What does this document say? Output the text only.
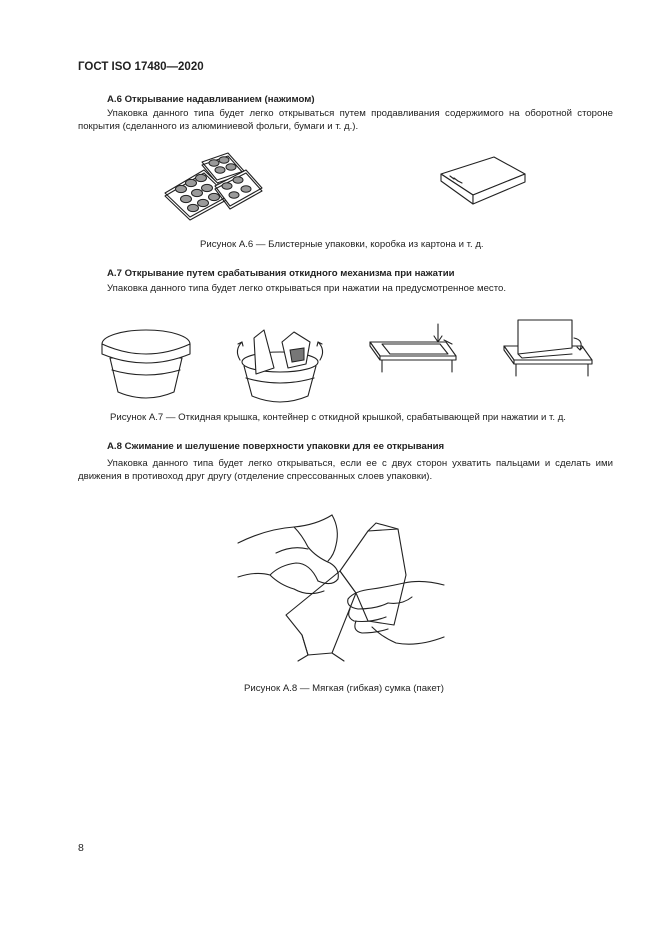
ГОСТ ISO 17480—2020
А.6 Открывание надавливанием (нажимом)
Упаковка данного типа будет легко открываться путем продавливания содержимого на оборотной стороне покрытия (сделанного из алюминиевой фольги, бумаги и т. д.).
Рисунок А.6 — Блистерные упаковки, коробка из картона и т. д.
А.7 Открывание путем срабатывания откидного механизма при нажатии
Упаковка данного типа будет легко открываться при нажатии на предусмотренное место.
Рисунок А.7 — Откидная крышка, контейнер с откидной крышкой, срабатывающей при нажатии и т. д.
А.8 Сжимание и шелушение поверхности упаковки для ее открывания
Упаковка данного типа будет легко открываться, если ее с двух сторон ухватить пальцами и сделать ими движения в противоход друг другу (отделение спрессованных слоев упаковки).
Рисунок А.8 — Мягкая (гибкая) сумка (пакет)
8
